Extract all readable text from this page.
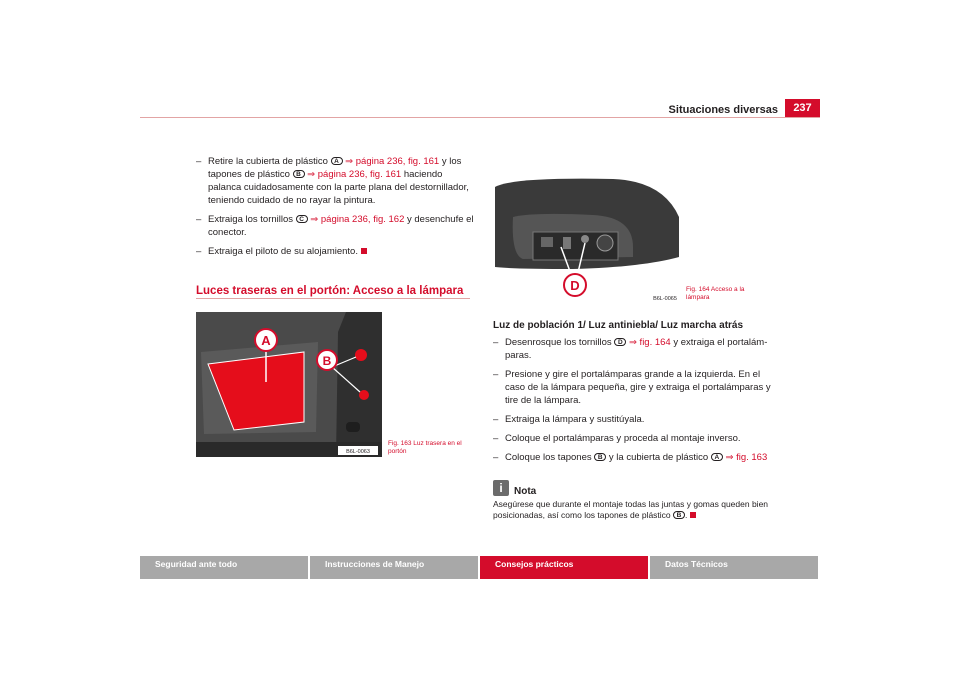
Situaciones diversas	237
– Retire la cubierta de plástico A ⇒ página 236, fig. 161 y los tapones de plástico B ⇒ página 236, fig. 161 haciendo palanca cuidadosamente con la parte plana del destornillador, teniendo cuidado de no rayar la pintura.
– Extraiga los tornillos C ⇒ página 236, fig. 162 y desenchufe el conector.
– Extraiga el piloto de su alojamiento.
Luces traseras en el portón: Acceso a la lámpara
A
B
B6L-0063
Fig. 163 Luz trasera en el portón
D
B6L-0065
Fig. 164 Acceso a la lámpara
Luz de población 1/ Luz antiniebla/ Luz marcha atrás
– Desenrosque los tornillos D ⇒ fig. 164 y extraiga el portalámparas.
– Presione y gire el portalámparas grande a la izquierda. En el caso de la lámpara pequeña, gire y extraiga el portalámparas y tire de la lámpara.
– Extraiga la lámpara y sustitúyala.
– Coloque el portalámparas y proceda al montaje inverso.
– Coloque los tapones B y la cubierta de plástico A ⇒ fig. 163
i	Nota
Asegúrese que durante el montaje todas las juntas y gomas queden bien posicionadas, así como los tapones de plástico B .
Seguridad ante todo	Instrucciones de Manejo	Consejos prácticos	Datos Técnicos
